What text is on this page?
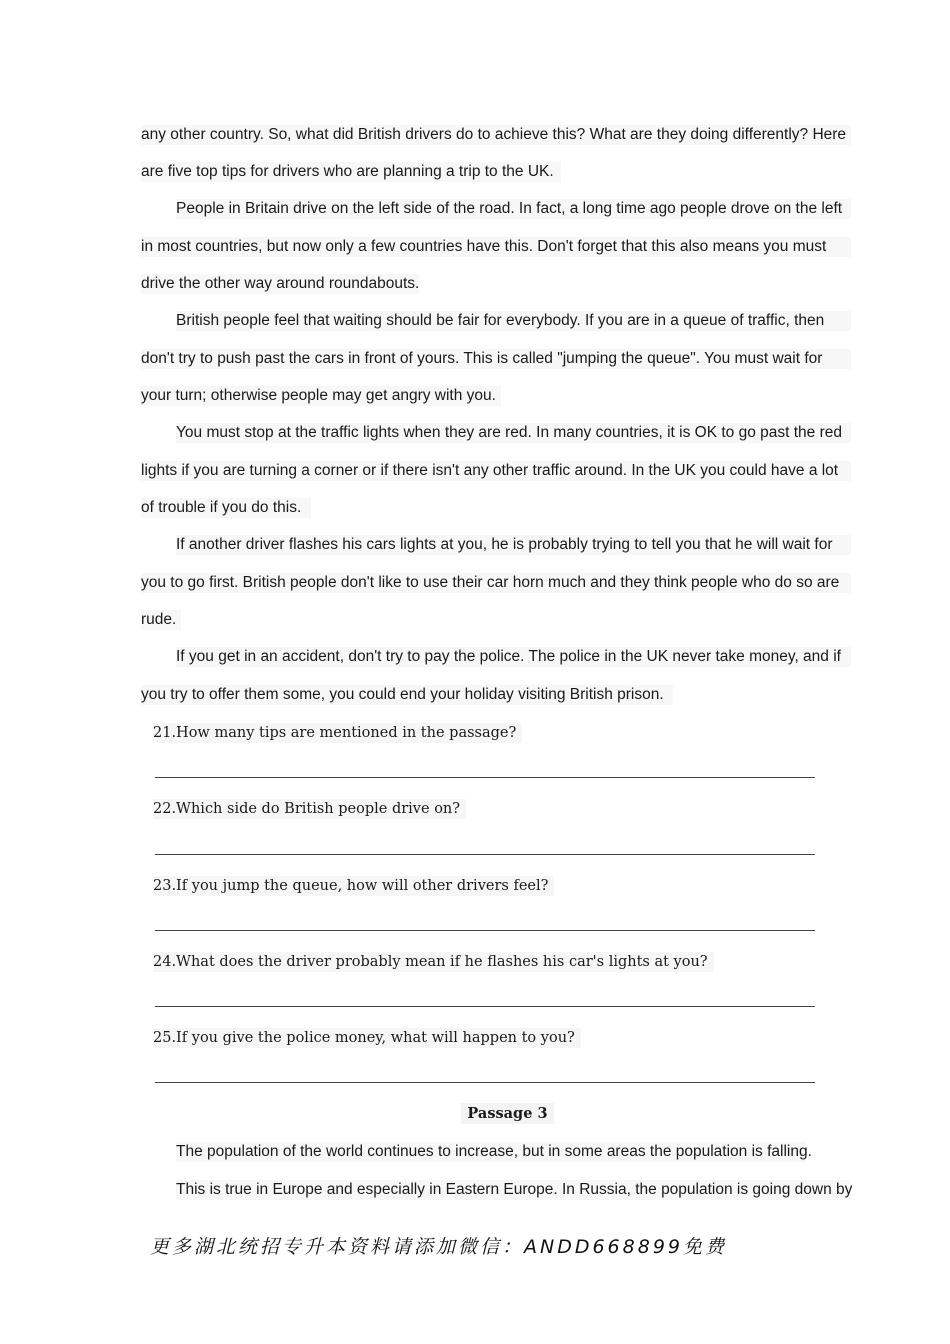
any other country. So, what did British drivers do to achieve this? What are they doing differently? Here
are five top tips for drivers who are planning a trip to the UK.
People in Britain drive on the left side of the road. In fact, a long time ago people drove on the left
in most countries, but now only a few countries have this. Don't forget that this also means you must
drive the other way around roundabouts.
British people feel that waiting should be fair for everybody. If you are in a queue of traffic, then
don't try to push past the cars in front of yours. This is called "jumping the queue". You must wait for
your turn; otherwise people may get angry with you.
You must stop at the traffic lights when they are red. In many countries, it is OK to go past the red
lights if you are turning a corner or if there isn't any other traffic around. In the UK you could have a lot
of trouble if you do this.
If another driver flashes his cars lights at you, he is probably trying to tell you that he will wait for
you to go first. British people don't like to use their car horn much and they think people who do so are
rude.
If you get in an accident, don't try to pay the police. The police in the UK never take money, and if
you try to offer them some, you could end your holiday visiting British prison.
21.How many tips are mentioned in the passage?
22.Which side do British people drive on?
23.If you jump the queue, how will other drivers feel?
24.What does the driver probably mean if he flashes his car's lights at you?
25.If you give the police money, what will happen to you?
Passage 3
The population of the world continues to increase, but in some areas the population is falling.
This is true in Europe and especially in Eastern Europe. In Russia, the population is going down by
更多湖北统招专升本资料请添加微信：ANDD668899免费
